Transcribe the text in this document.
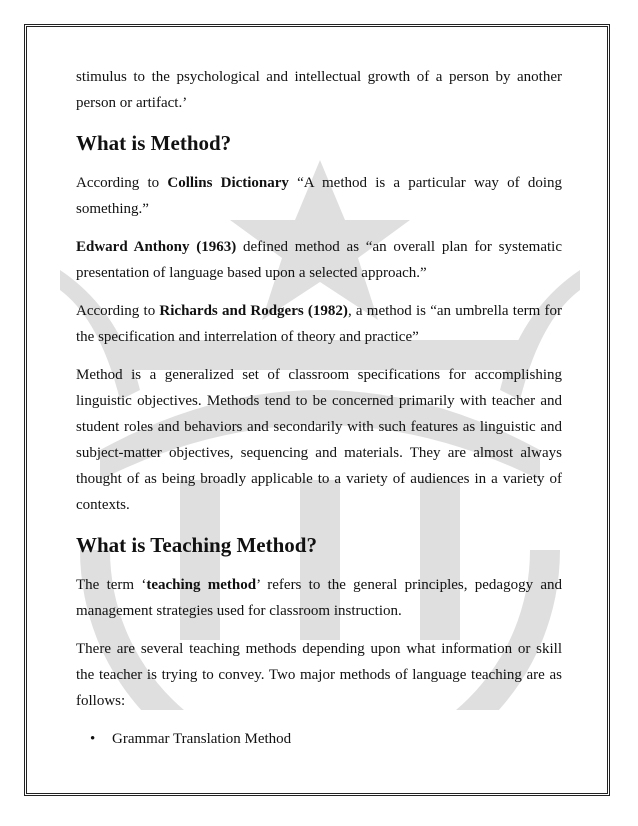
stimulus to the psychological and intellectual growth of a person by another person or artifact.’

What is Method?

According to Collins Dictionary “A method is a particular way of doing something.”

Edward Anthony (1963) defined method as “an overall plan for systematic presentation of language based upon a selected approach.”

According to Richards and Rodgers (1982), a method is “an umbrella term for the specification and interrelation of theory and practice”

Method is a generalized set of classroom specifications for accomplishing linguistic objectives. Methods tend to be concerned primarily with teacher and student roles and behaviors and secondarily with such features as linguistic and subject-matter objectives, sequencing and materials. They are almost always thought of as being broadly applicable to a variety of audiences in a variety of contexts.

What is Teaching Method?

The term ‘teaching method’ refers to the general principles, pedagogy and management strategies used for classroom instruction.

There are several teaching methods depending upon what information or skill the teacher is trying to convey. Two major methods of language teaching are as follows:

• Grammar Translation Method
